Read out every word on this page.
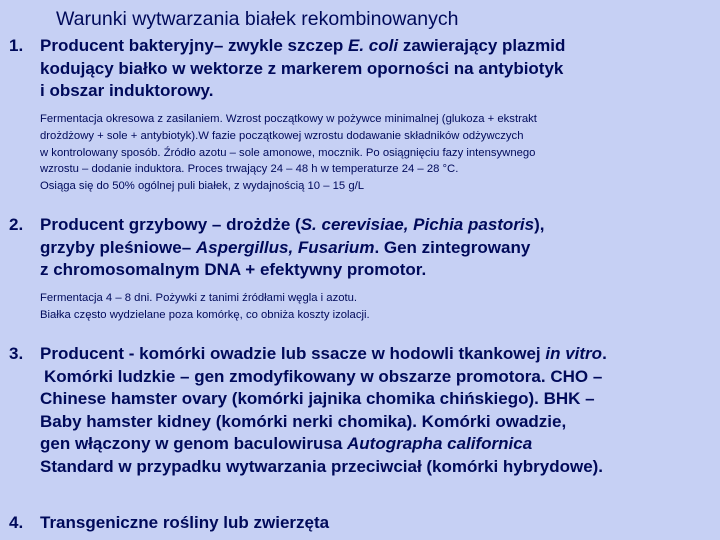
Warunki wytwarzania białek rekombinowanych
1. Producent bakteryjny– zwykle szczep E. coli zawierający plazmid
kodujący białko w wektorze z markerem oporności na antybiotyk
i obszar induktorowy.
Fermentacja okresowa z zasilaniem. Wzrost początkowy w pożywce minimalnej (glukoza + ekstrakt
drożdżowy + sole + antybiotyk).W fazie początkowej wzrostu dodawanie składników odżywczych
w kontrolowany sposób. Źródło azotu – sole amonowe, mocznik. Po osiągnięciu fazy intensywnego
wzrostu – dodanie induktora. Proces trwający 24 – 48 h w temperaturze 24 – 28 °C.
Osiąga się do 50% ogólnej puli białek, z wydajnością 10 – 15 g/L
2. Producent grzybowy – drożdże (S. cerevisiae, Pichia pastoris),
grzyby pleśniowe– Aspergillus, Fusarium. Gen zintegrowany
z chromosomalnym DNA + efektywny promotor.
Fermentacja 4 – 8 dni. Pożywki z tanimi źródłami węgla i azotu.
Białka często wydzielane poza komórkę, co obniża koszty izolacji.
3. Producent - komórki owadzie lub ssacze w hodowli tkankowej in vitro.
Komórki ludzkie – gen zmodyfikowany w obszarze promotora. CHO –
Chinese hamster ovary (komórki jajnika chomika chińskiego). BHK –
Baby hamster kidney (komórki nerki chomika). Komórki owadzie,
gen włączony w genom baculowirusa Autographa californica
Standard w przypadku wytwarzania przeciwciał (komórki hybrydowe).
4. Transgeniczne rośliny lub zwierzęta
